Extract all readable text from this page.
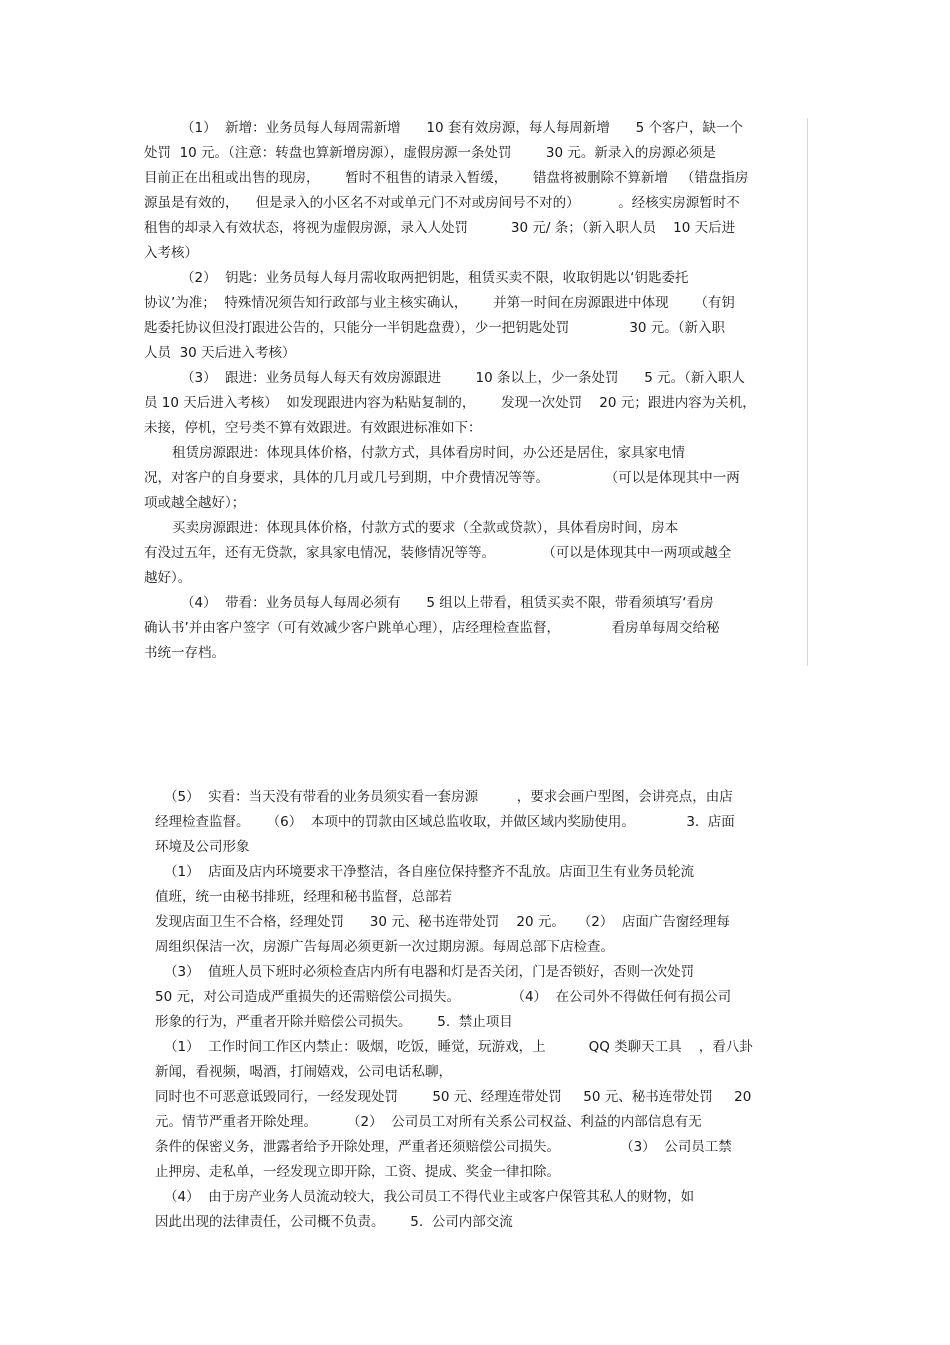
（1）  新增：业务员每人每周需新增      10 套有效房源，每人每周新增      5 个客户，缺一个
处罚  10 元。（注意：转盘也算新增房源），虚假房源一条处罚        30 元。新录入的房源必须是
目前正在出租或出售的现房，      暂时不租售的请录入暂缓，      错盘将被删除不算新增   （错盘指房
源虽是有效的，    但是录入的小区名不对或单元门不对或房间号不对的）         。经核实房源暂时不
租售的却录入有效状态，将视为虚假房源，录入人处罚          30 元/ 条；（新入职人员    10 天后进
入考核）
（2）  钥匙：业务员每人每月需收取两把钥匙，租赁买卖不限，收取钥匙以‘钥匙委托
协议’为准；  特殊情况须告知行政部与业主核实确认，      并第一时间在房源跟进中体现      （有钥
匙委托协议但没打跟进公告的，只能分一半钥匙盘费），少一把钥匙处罚              30 元。（新入职
人员  30 天后进入考核）
（3）  跟进：业务员每人每天有效房源跟进        10 条以上，少一条处罚      5 元。（新入职人
员 10 天后进入考核）  如发现跟进内容为粘贴复制的，      发现一次处罚    20 元；跟进内容为关机，
未接，停机，空号类不算有效跟进。有效跟进标准如下：
租赁房源跟进：体现具体价格，付款方式，具体看房时间，办公还是居住，家具家电情
况，对客户的自身要求，具体的几月或几号到期，中介费情况等等。             （可以是体现其中一两
项或越全越好）；
买卖房源跟进：体现具体价格，付款方式的要求（全款或贷款），具体看房时间，房本
有没过五年，还有无贷款，家具家电情况，装修情况等等。           （可以是体现其中一两项或越全
越好）。
（4）  带看：业务员每人每周必须有      5 组以上带看，租赁买卖不限，带看须填写‘看房
确认书’并由客户签字（可有效减少客户跳单心理），店经理检查监督，            看房单每周交给秘
书统一存档。
（5）  实看：当天没有带看的业务员须实看一套房源         ，要求会画户型图，会讲亮点，由店
经理检查监督。    （6）  本项中的罚款由区域总监收取，并做区域内奖励使用。            3.  店面
环境及公司形象
（1）  店面及店内环境要求干净整洁，各自座位保持整齐不乱放。店面卫生有业务员轮流
值班，统一由秘书排班，经理和秘书监督，总部若
发现店面卫生不合格，经理处罚      30 元、秘书连带处罚    20 元。   （2）  店面广告窗经理每
周组织保洁一次，房源广告每周必须更新一次过期房源。每周总部下店检查。
（3）  值班人员下班时必须检查店内所有电器和灯是否关闭，门是否锁好，否则一次处罚
50 元，对公司造成严重损失的还需赔偿公司损失。            （4）  在公司外不得做任何有损公司
形象的行为，严重者开除并赔偿公司损失。      5.  禁止项目
（1）  工作时间工作区内禁止：吸烟，吃饭，睡觉，玩游戏，上          QQ 类聊天工具    ，看八卦
新闻，看视频，喝酒，打闹嬉戏，公司电话私聊，
同时也不可恶意诋毁同行，一经发现处罚        50 元、经理连带处罚     50 元、秘书连带处罚     20
元。情节严重者开除处理。       （2）  公司员工对所有关系公司权益、利益的内部信息有无
条件的保密义务，泄露者给予开除处理，严重者还须赔偿公司损失。              （3）  公司员工禁
止押房、走私单，一经发现立即开除，工资、提成、奖金一律扣除。
（4）  由于房产业务人员流动较大，我公司员工不得代业主或客户保管其私人的财物，如
因此出现的法律责任，公司概不负责。      5.  公司内部交流
